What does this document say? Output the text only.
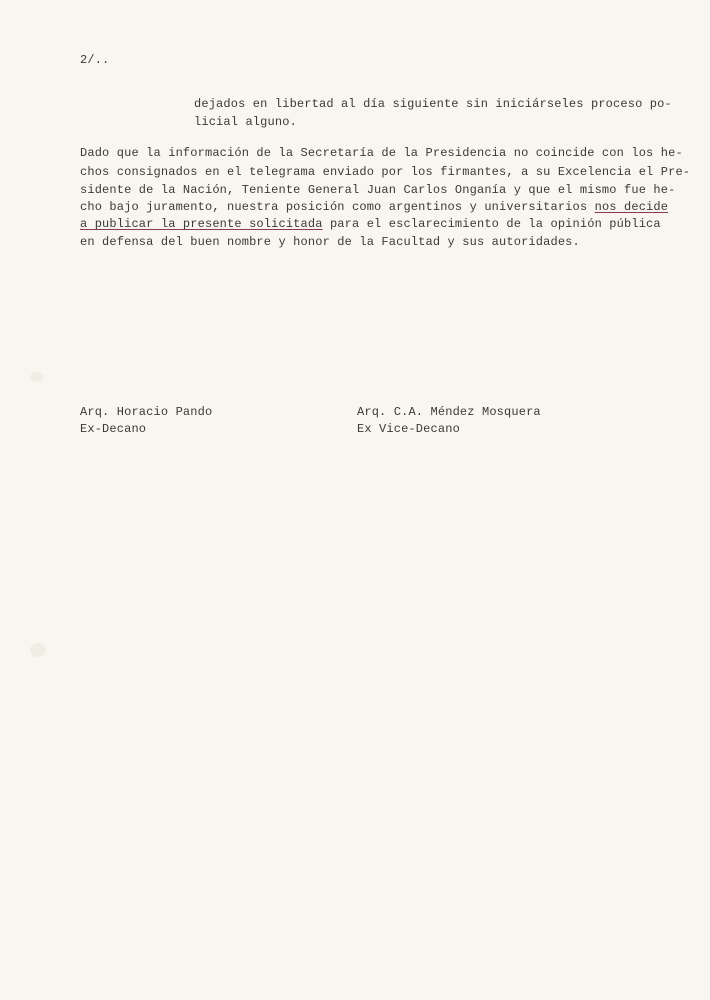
2/..
dejados en libertad al día siguiente sin iniciárseles proceso po-
licial alguno.
Dado que la información de la Secretaría de la Presidencia no coincide con los he-
chos consignados en el telegrama enviado por los firmantes, a su Excelencia el Pre-
sidente de la Nación, Teniente General Juan Carlos Onganía y que el mismo fue he-
cho bajo juramento, nuestra posición como argentinos y universitarios nos decide
a publicar la presente solicitada para el esclarecimiento de la opinión pública
en defensa del buen nombre y honor de la Facultad y sus autoridades.
Arq. Horacio Pando
Ex-Decano
Arq. C.A. Méndez Mosquera
Ex Vice-Decano
